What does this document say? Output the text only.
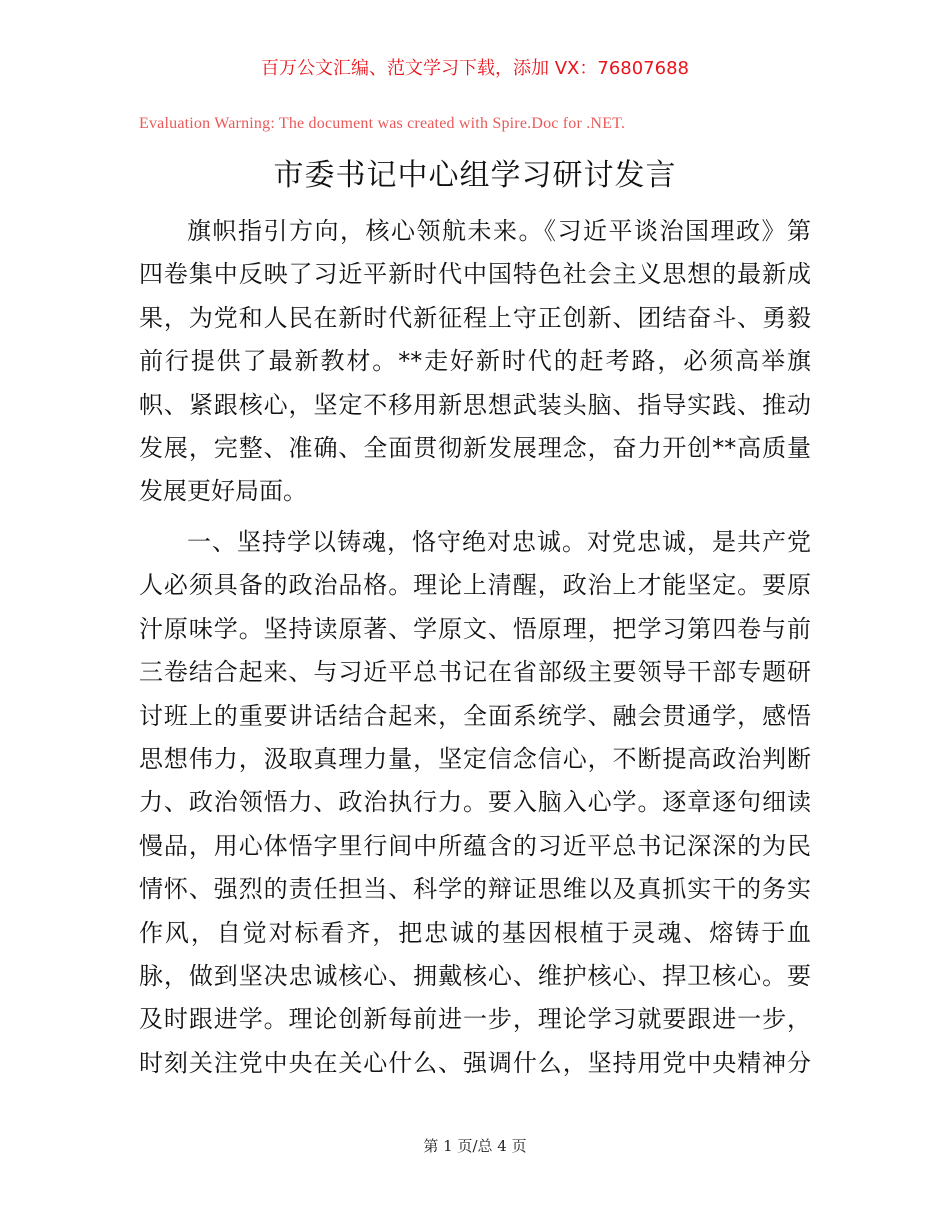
百万公文汇编、范文学习下载，添加 VX：76807688
Evaluation Warning: The document was created with Spire.Doc for .NET.
市委书记中心组学习研讨发言

旗帜指引方向，核心领航未来。《习近平谈治国理政》第
四卷集中反映了习近平新时代中国特色社会主义思想的最新成
果，为党和人民在新时代新征程上守正创新、团结奋斗、勇毅
前行提供了最新教材。**走好新时代的赶考路，必须高举旗
帜、紧跟核心，坚定不移用新思想武装头脑、指导实践、推动
发展，完整、准确、全面贯彻新发展理念，奋力开创**高质量
发展更好局面。

一、坚持学以铸魂，恪守绝对忠诚。对党忠诚，是共产党
人必须具备的政治品格。理论上清醒，政治上才能坚定。要原
汁原味学。坚持读原著、学原文、悟原理，把学习第四卷与前
三卷结合起来、与习近平总书记在省部级主要领导干部专题研
讨班上的重要讲话结合起来，全面系统学、融会贯通学，感悟
思想伟力，汲取真理力量，坚定信念信心，不断提高政治判断
力、政治领悟力、政治执行力。要入脑入心学。逐章逐句细读
慢品，用心体悟字里行间中所蕴含的习近平总书记深深的为民
情怀、强烈的责任担当、科学的辩证思维以及真抓实干的务实
作风，自觉对标看齐，把忠诚的基因根植于灵魂、熔铸于血
脉，做到坚决忠诚核心、拥戴核心、维护核心、捍卫核心。要
及时跟进学。理论创新每前进一步，理论学习就要跟进一步，
时刻关注党中央在关心什么、强调什么，坚持用党中央精神分

第 1 页/总 4 页
